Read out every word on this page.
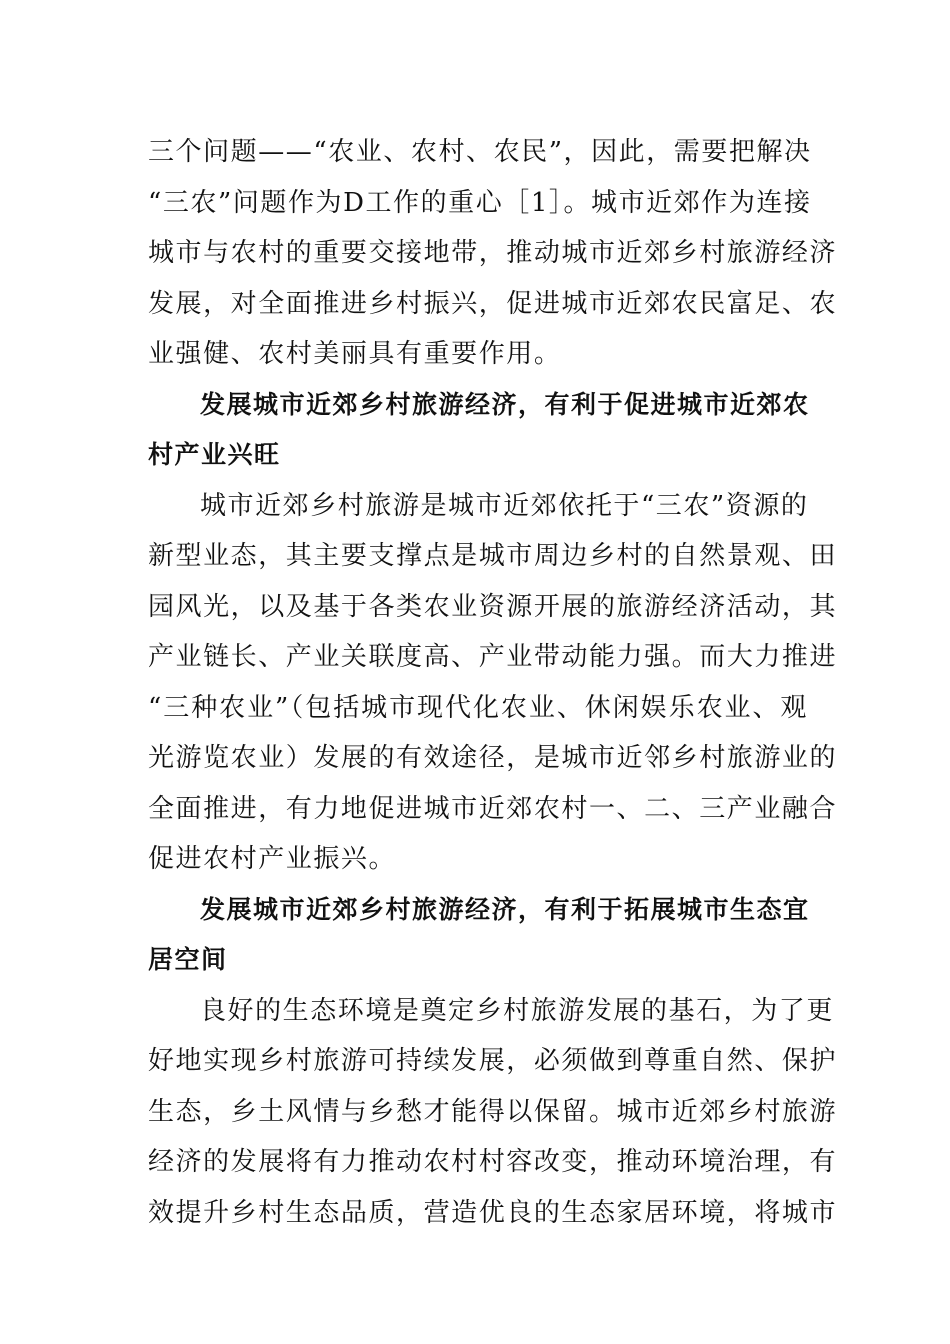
三个问题——“农业、农村、农民”，因此，需要把解决
“三农”问题作为D工作的重心［1］。城市近郊作为连接
城市与农村的重要交接地带，推动城市近郊乡村旅游经济
发展，对全面推进乡村振兴，促进城市近郊农民富足、农
业强健、农村美丽具有重要作用。
发展城市近郊乡村旅游经济，有利于促进城市近郊农
村产业兴旺
城市近郊乡村旅游是城市近郊依托于“三农”资源的
新型业态，其主要支撑点是城市周边乡村的自然景观、田
园风光，以及基于各类农业资源开展的旅游经济活动，其
产业链长、产业关联度高、产业带动能力强。而大力推进
“三种农业”（包括城市现代化农业、休闲娱乐农业、观
光游览农业）发展的有效途径，是城市近邻乡村旅游业的
全面推进，有力地促进城市近郊农村一、二、三产业融合
促进农村产业振兴。
发展城市近郊乡村旅游经济，有利于拓展城市生态宜
居空间
良好的生态环境是奠定乡村旅游发展的基石，为了更
好地实现乡村旅游可持续发展，必须做到尊重自然、保护
生态，乡土风情与乡愁才能得以保留。城市近郊乡村旅游
经济的发展将有力推动农村村容改变，推动环境治理，有
效提升乡村生态品质，营造优良的生态家居环境，将城市
